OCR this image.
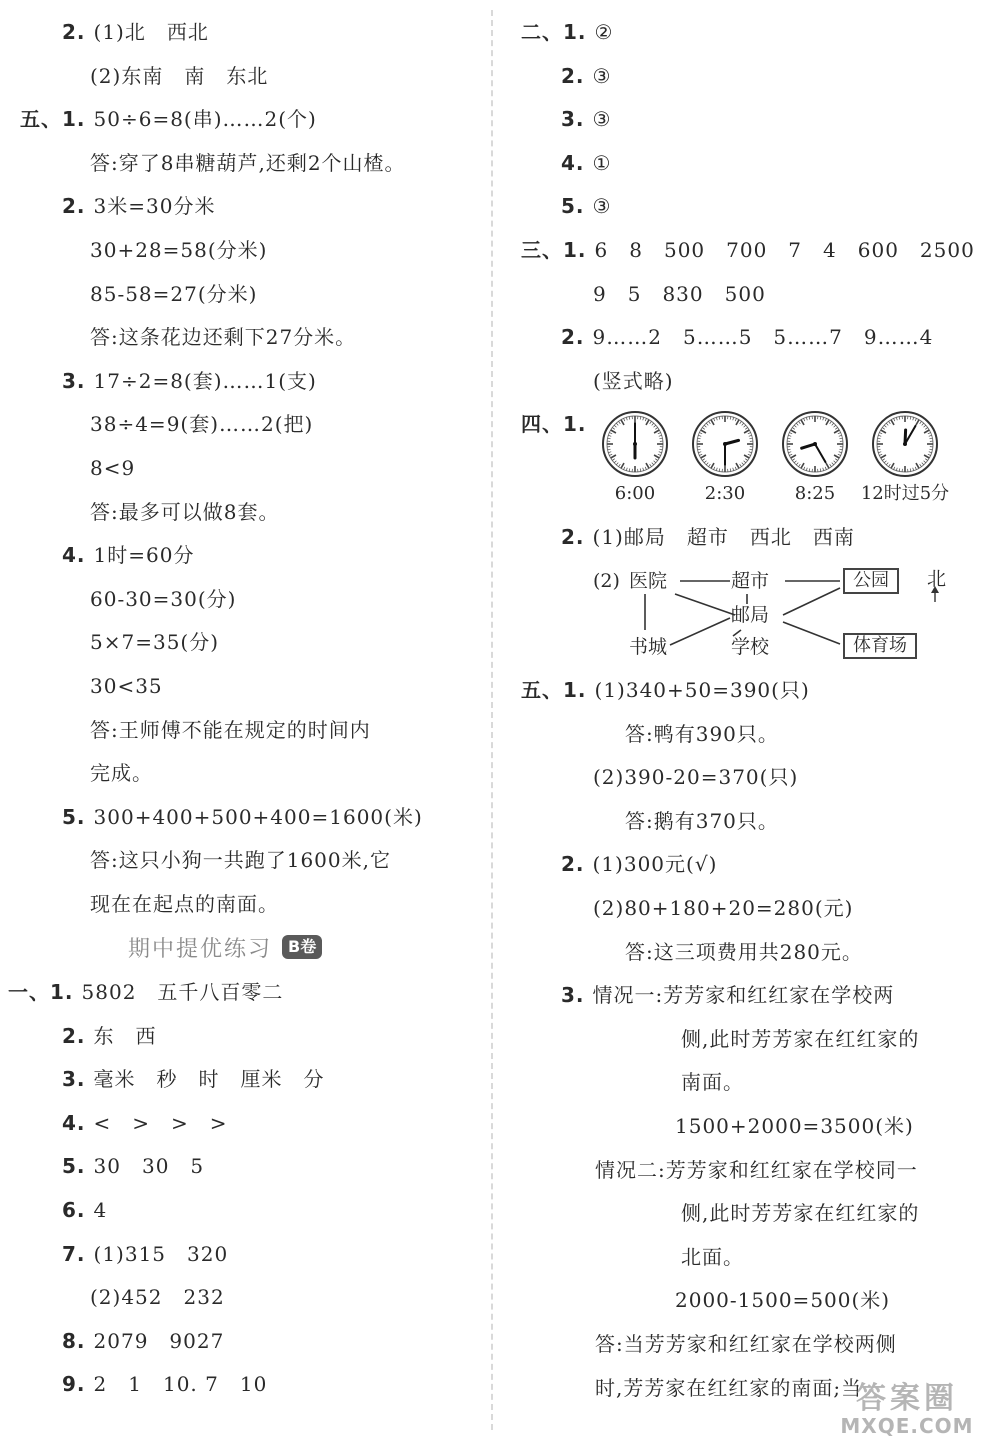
2. (1)北　西北
(2)东南　南　东北
五、1. 50÷6=8(串)……2(个)
答:穿了8串糖葫芦,还剩2个山楂。
2. 3米=30分米
30+28=58(分米)
85-58=27(分米)
答:这条花边还剩下27分米。
3. 17÷2=8(套)……1(支)
38÷4=9(套)……2(把)
8<9
答:最多可以做8套。
4. 1时=60分
60-30=30(分)
5×7=35(分)
30<35
答:王师傅不能在规定的时间内
完成。
5. 300+400+500+400=1600(米)
答:这只小狗一共跑了1600米,它
现在在起点的南面。
一、1. 5802　五千八百零二
2. 东　西
3. 毫米　秒　时　厘米　分
4. <　>　>　>
5. 30　30　5
6. 4
7. (1)315　320
(2)452　232
8. 2079　9027
9. 2　1　10. 7　10
二、1. ②
2. ③
3. ③
4. ①
5. ③
三、1. 6　8　500　700　7　4　600　2500
9　5　830　500
2. 9……2　5……5　5……7　9……4
(竖式略)
四、1.
6:00	2:30	8:25	12时过5分
2. (1)邮局　超市　西北　西南
(2) 医院	超市	公园	北
邮局
书城	学校	体育场
五、1. (1)340+50=390(只)
答:鸭有390只。
(2)390-20=370(只)
答:鹅有370只。
2. (1)300元(√)
(2)80+180+20=280(元)
答:这三项费用共280元。
3. 情况一:芳芳家和红红家在学校两
侧,此时芳芳家在红红家的
南面。
1500+2000=3500(米)
情况二:芳芳家和红红家在学校同一
侧,此时芳芳家在红红家的
北面。
2000-1500=500(米)
答:当芳芳家和红红家在学校两侧
时,芳芳家在红红家的南面;当
期中提优练习	B卷
答案圈
MXQE.COM
